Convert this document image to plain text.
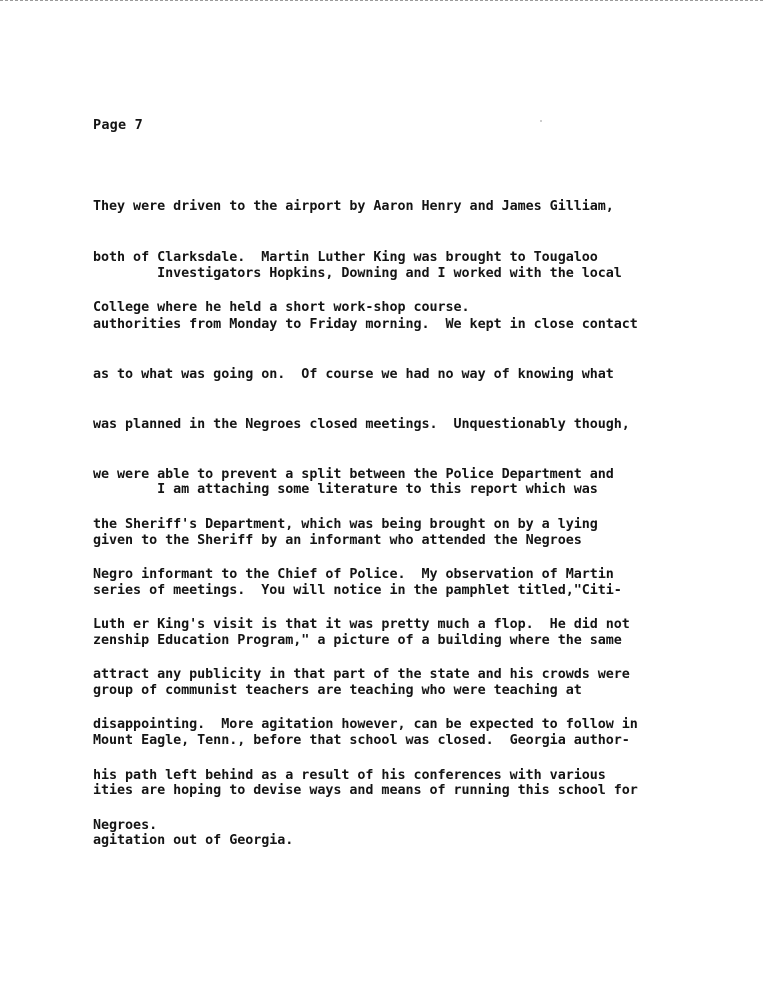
Page 7

They were driven to the airport by Aaron Henry and James Gilliam,

both of Clarksdale.  Martin Luther King was brought to Tougaloo

College where he held a short work-shop course.

Investigators Hopkins, Downing and I worked with the local

authorities from Monday to Friday morning.  We kept in close contact

as to what was going on.  Of course we had no way of knowing what

was planned in the Negroes closed meetings.  Unquestionably though,

we were able to prevent a split between the Police Department and

the Sheriff's Department, which was being brought on by a lying

Negro informant to the Chief of Police.  My observation of Martin

Luth er King's visit is that it was pretty much a flop.  He did not

attract any publicity in that part of the state and his crowds were

disappointing.  More agitation however, can be expected to follow in

his path left behind as a result of his conferences with various

Negroes.

I am attaching some literature to this report which was

given to the Sheriff by an informant who attended the Negroes

series of meetings.  You will notice in the pamphlet titled,"Citi-

zenship Education Program," a picture of a building where the same

group of communist teachers are teaching who were teaching at

Mount Eagle, Tenn., before that school was closed.  Georgia author-

ities are hoping to devise ways and means of running this school for

agitation out of Georgia.
